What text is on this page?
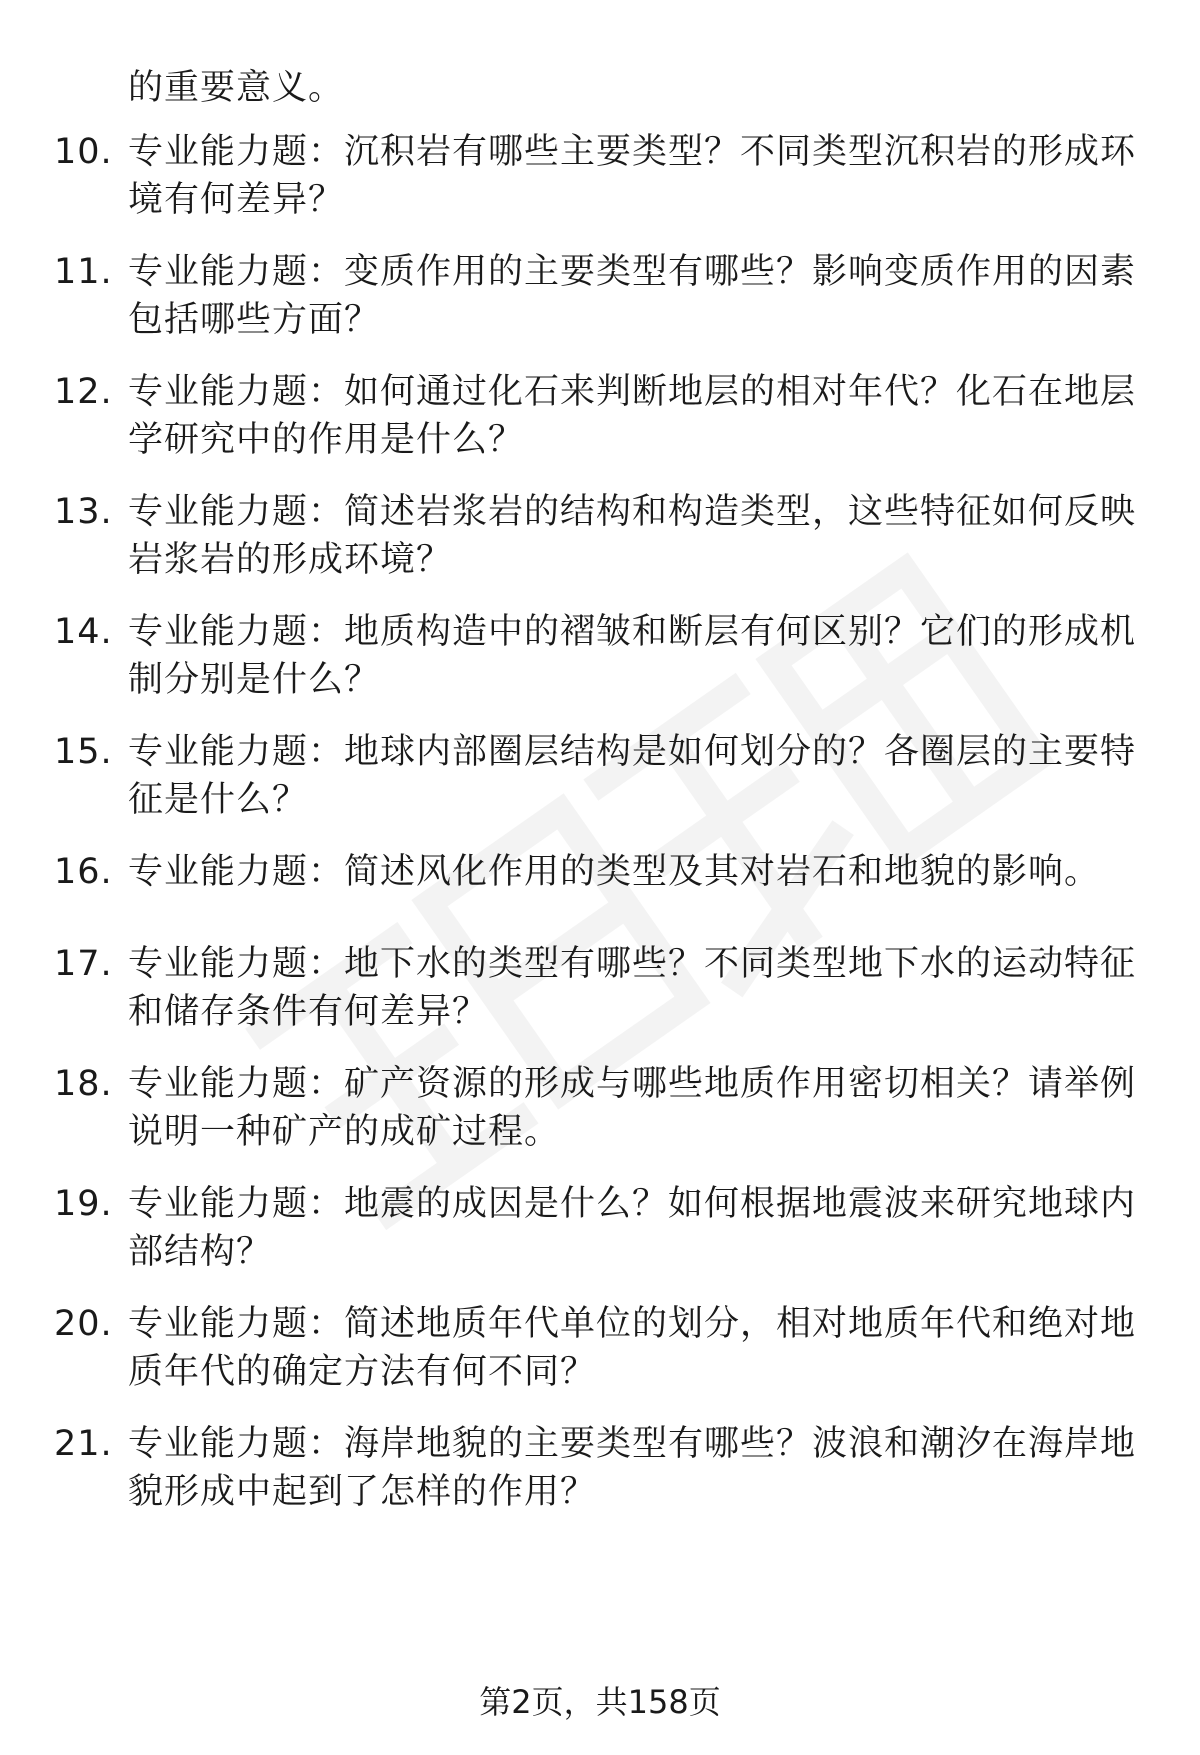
的重要意义。

10. 专业能力题：沉积岩有哪些主要类型？不同类型沉积岩的形成环境有何差异？
11. 专业能力题：变质作用的主要类型有哪些？影响变质作用的因素包括哪些方面？
12. 专业能力题：如何通过化石来判断地层的相对年代？化石在地层学研究中的作用是什么？
13. 专业能力题：简述岩浆岩的结构和构造类型，这些特征如何反映岩浆岩的形成环境？
14. 专业能力题：地质构造中的褶皱和断层有何区别？它们的形成机制分别是什么？
15. 专业能力题：地球内部圈层结构是如何划分的？各圈层的主要特征是什么？
16. 专业能力题：简述风化作用的类型及其对岩石和地貌的影响。
17. 专业能力题：地下水的类型有哪些？不同类型地下水的运动特征和储存条件有何差异？
18. 专业能力题：矿产资源的形成与哪些地质作用密切相关？请举例说明一种矿产的成矿过程。
19. 专业能力题：地震的成因是什么？如何根据地震波来研究地球内部结构？
20. 专业能力题：简述地质年代单位的划分，相对地质年代和绝对地质年代的确定方法有何不同？
21. 专业能力题：海岸地貌的主要类型有哪些？波浪和潮汐在海岸地貌形成中起到了怎样的作用？
第2页，共158页
